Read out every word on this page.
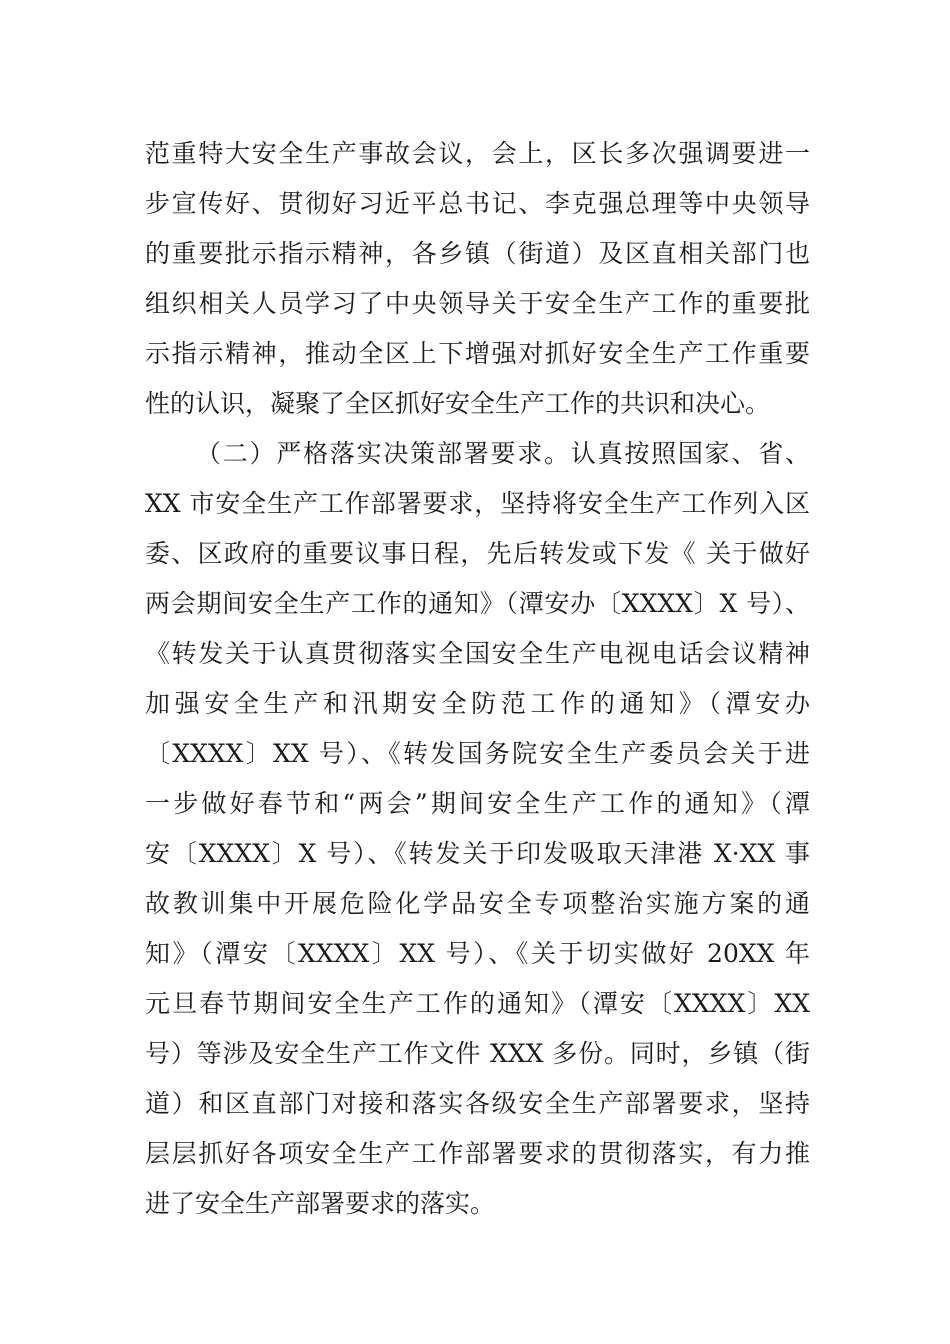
范重特大安全生产事故会议，会上，区长多次强调要进一
步宣传好、贯彻好习近平总书记、李克强总理等中央领导
的重要批示指示精神，各乡镇（街道）及区直相关部门也
组织相关人员学习了中央领导关于安全生产工作的重要批
示指示精神，推动全区上下增强对抓好安全生产工作重要
性的认识，凝聚了全区抓好安全生产工作的共识和决心。
（二）严格落实决策部署要求。认真按照国家、省、
XX 市安全生产工作部署要求，坚持将安全生产工作列入区
委、区政府的重要议事日程，先后转发或下发《 关于做好
两会期间安全生产工作的通知》（潭安办〔XXXX〕X 号）、
《转发关于认真贯彻落实全国安全生产电视电话会议精神
加强安全生产和汛期安全防范工作的通知》（潭安办
〔XXXX〕XX 号）、《转发国务院安全生产委员会关于进
一步做好春节和“两会”期间安全生产工作的通知》（潭
安〔XXXX〕X 号）、《转发关于印发吸取天津港 X·XX 事
故教训集中开展危险化学品安全专项整治实施方案的通
知》（潭安〔XXXX〕XX 号）、《关于切实做好 20XX 年
元旦春节期间安全生产工作的通知》（潭安〔XXXX〕XX
号）等涉及安全生产工作文件 XXX 多份。同时，乡镇（街
道）和区直部门对接和落实各级安全生产部署要求，坚持
层层抓好各项安全生产工作部署要求的贯彻落实，有力推
进了安全生产部署要求的落实。
